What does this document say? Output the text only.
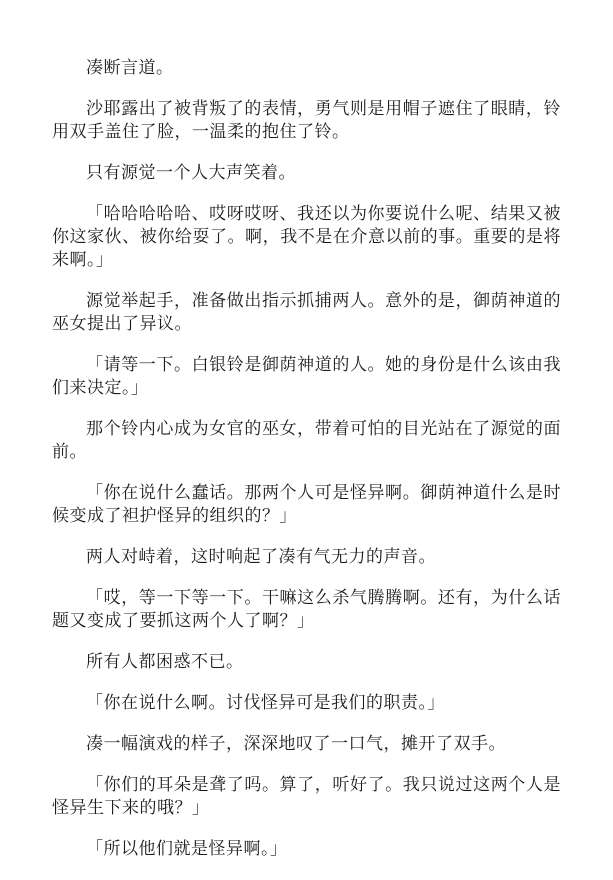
凑断言道。

沙耶露出了被背叛了的表情，勇气则是用帽子遮住了眼睛，铃用双手盖住了脸，一温柔的抱住了铃。

只有源觉一个人大声笑着。

「哈哈哈哈哈、哎呀哎呀、我还以为你要说什么呢、结果又被你这家伙、被你给耍了。啊，我不是在介意以前的事。重要的是将来啊。」

源觉举起手，准备做出指示抓捕两人。意外的是，御荫神道的巫女提出了异议。

「请等一下。白银铃是御荫神道的人。她的身份是什么该由我们来决定。」

那个铃内心成为女官的巫女，带着可怕的目光站在了源觉的面前。

「你在说什么蠢话。那两个人可是怪异啊。御荫神道什么是时候变成了袒护怪异的组织的？」

两人对峙着，这时响起了凑有气无力的声音。

「哎，等一下等一下。干嘛这么杀气腾腾啊。还有，为什么话题又变成了要抓这两个人了啊？」

所有人都困惑不已。

「你在说什么啊。讨伐怪异可是我们的职责。」

凑一幅演戏的样子，深深地叹了一口气，摊开了双手。

「你们的耳朵是聋了吗。算了，听好了。我只说过这两个人是怪异生下来的哦？」

「所以他们就是怪异啊。」
